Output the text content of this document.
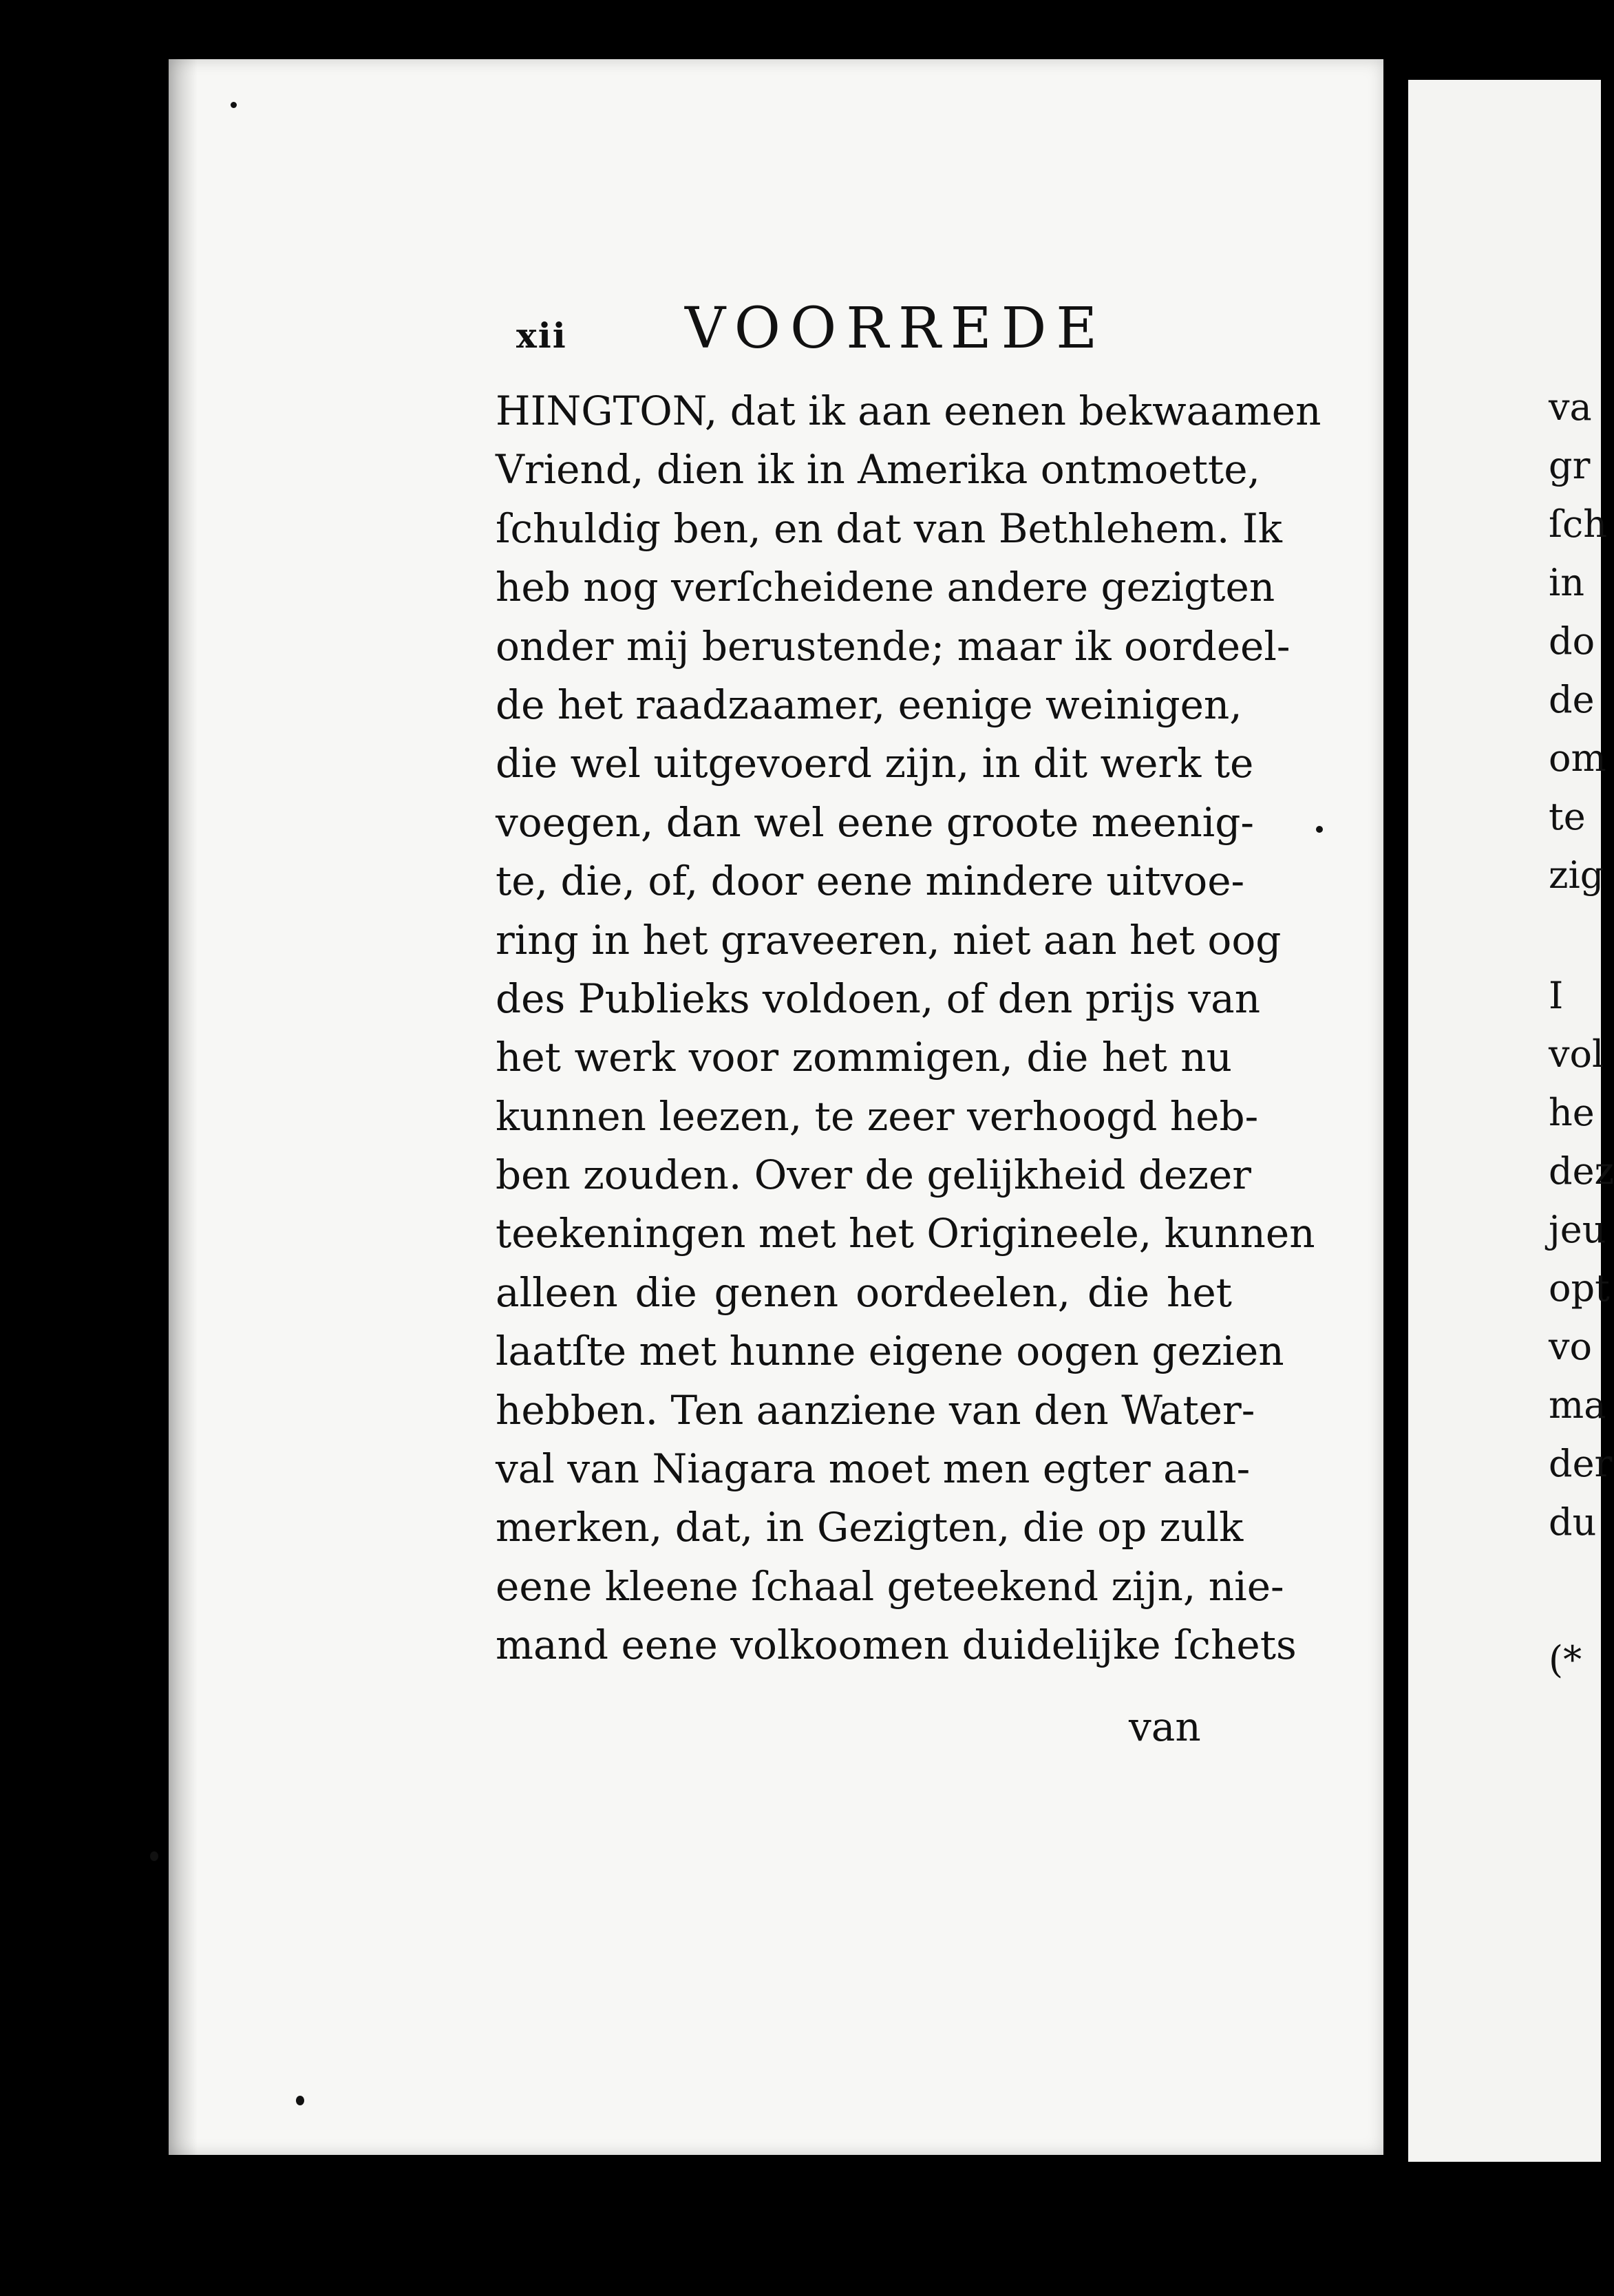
xii VOORREDE
HINGTON, dat ik aan eenen bekwaamen
Vriend, dien ik in Amerika ontmoette,
ſchuldig ben, en dat van Bethlehem. Ik
heb nog verſcheidene andere gezigten
onder mij berustende; maar ik oordeel-
de het raadzaamer, eenige weinigen,
die wel uitgevoerd zijn, in dit werk te
voegen, dan wel eene groote meenig-
te, die, of, door eene mindere uitvoe-
ring in het graveeren, niet aan het oog
des Publieks voldoen, of den prijs van
het werk voor zommigen, die het nu
kunnen leezen, te zeer verhoogd heb-
ben zouden. Over de gelijkheid dezer
teekeningen met het Origineele, kunnen
alleen die genen oordeelen, die het
laatſte met hunne eigene oogen gezien
hebben. Ten aanziene van den Water-
val van Niagara moet men egter aan-
merken, dat, in Gezigten, die op zulk
eene kleene ſchaal geteekend zijn, nie-
mand eene volkoomen duidelijke ſchets
van
va
gr
ſch
in
do
de
om
te
zig
I
vol
he
dez
jeu
opt
vo
ma
der
du
(*
